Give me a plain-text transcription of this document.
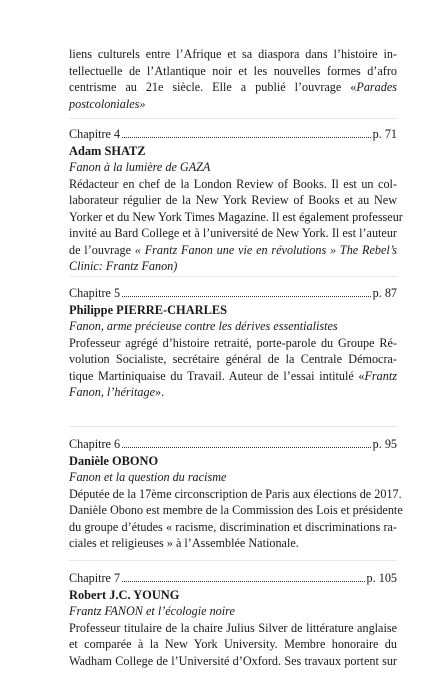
liens culturels entre l’Afrique et sa diaspora dans l’histoire in-
tellectuelle de l’Atlantique noir et les nouvelles formes d’afro
centrisme au 21e siècle. Elle a publié l’ouvrage «Parades
postcoloniales»
Chapitre 4	p. 71
Adam SHATZ
Fanon à la lumière de GAZA
Rédacteur en chef de la London Review of Books. Il est un col-
laborateur régulier de la New York Review of Books et au New
Yorker et du New York Times Magazine. Il est également professeur
invité au Bard College et à l’université de New York. Il est l’auteur
de l’ouvrage « Frantz Fanon une vie en révolutions » The Rebel’s
Clinic: Frantz Fanon)
Chapitre 5	p. 87
Philippe PIERRE-CHARLES
Fanon, arme précieuse contre les dérives essentialistes
Professeur agrégé d’histoire retraité, porte-parole du Groupe Ré-
volution Socialiste, secrétaire général de la Centrale Démocra-
tique Martiniquaise du Travail. Auteur de l’essai intitulé «Frantz
Fanon, l’héritage».
Chapitre 6	p. 95
Danièle OBONO
Fanon et la question du racisme
Députée de la 17ème circonscription de Paris aux élections de 2017.
Danièle Obono est membre de la Commission des Lois et présidente
du groupe d’études « racisme, discrimination et discriminations ra-
ciales et religieuses » à l’Assemblée Nationale.
Chapitre 7	p. 105
Robert J.C. YOUNG
Frantz FANON et l’écologie noire
Professeur titulaire de la chaire Julius Silver de littérature anglaise
et comparée à la New York University. Membre honoraire du
Wadham College de l’Université d’Oxford. Ses travaux portent sur
